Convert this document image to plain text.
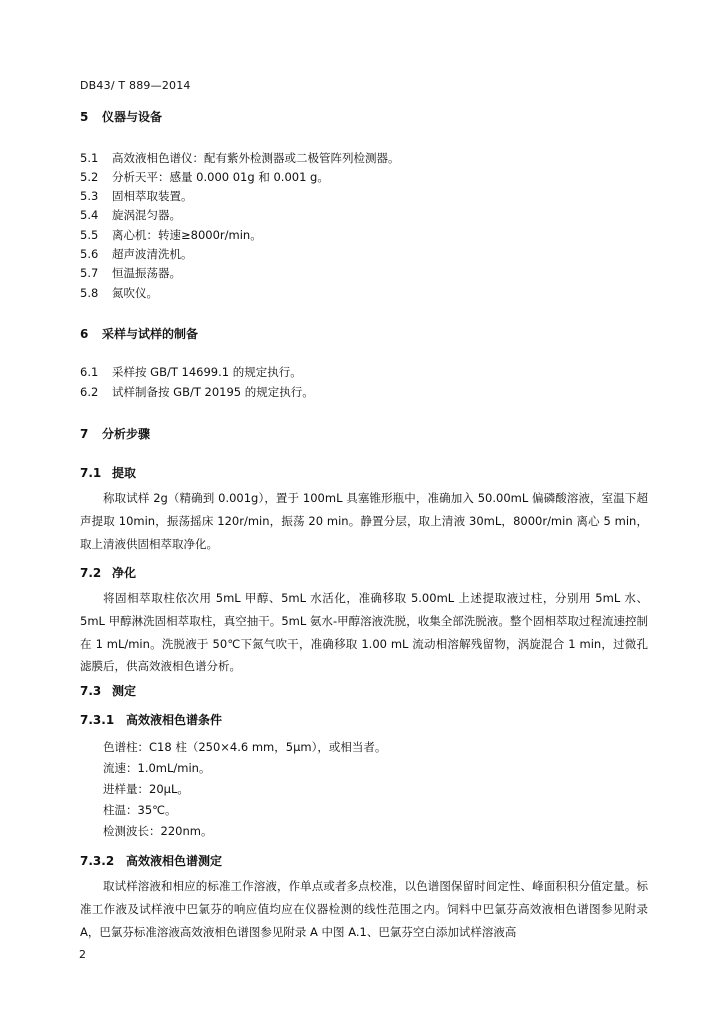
DB43/ T 889—2014
5 仪器与设备
5.1 高效液相色谱仪：配有紫外检测器或二极管阵列检测器。
5.2 分析天平：感量 0.000 01g 和 0.001 g。
5.3 固相萃取装置。
5.4 旋涡混匀器。
5.5 离心机：转速≥8000r/min。
5.6 超声波清洗机。
5.7 恒温振荡器。
5.8 氮吹仪。
6 采样与试样的制备
6.1 采样按 GB/T 14699.1 的规定执行。
6.2 试样制备按 GB/T 20195 的规定执行。
7 分析步骤
7.1 提取
称取试样 2g（精确到 0.001g），置于 100mL 具塞锥形瓶中，准确加入 50.00mL 偏磷酸溶液，室温下超声提取 10min，振荡摇床 120r/min，振荡 20 min。静置分层，取上清液 30mL，8000r/min 离心 5 min，取上清液供固相萃取净化。
7.2 净化
将固相萃取柱依次用 5mL 甲醇、5mL 水活化，准确移取 5.00mL 上述提取液过柱，分别用 5mL 水、5mL 甲醇淋洗固相萃取柱，真空抽干。5mL 氨水-甲醇溶液洗脱，收集全部洗脱液。整个固相萃取过程流速控制在 1 mL/min。洗脱液于 50℃下氮气吹干，准确移取 1.00 mL 流动相溶解残留物，涡旋混合 1 min，过微孔滤膜后，供高效液相色谱分析。
7.3 测定
7.3.1 高效液相色谱条件
色谱柱：C18 柱（250×4.6 mm，5μm），或相当者。
流速：1.0mL/min。
进样量：20μL。
柱温：35℃。
检测波长：220nm。
7.3.2 高效液相色谱测定
取试样溶液和相应的标准工作溶液，作单点或者多点校准，以色谱图保留时间定性、峰面积积分值定量。标准工作液及试样液中巴氯芬的响应值均应在仪器检测的线性范围之内。饲料中巴氯芬高效液相色谱图参见附录 A，巴氯芬标准溶液高效液相色谱图参见附录 A 中图 A.1、巴氯芬空白添加试样溶液高
2
